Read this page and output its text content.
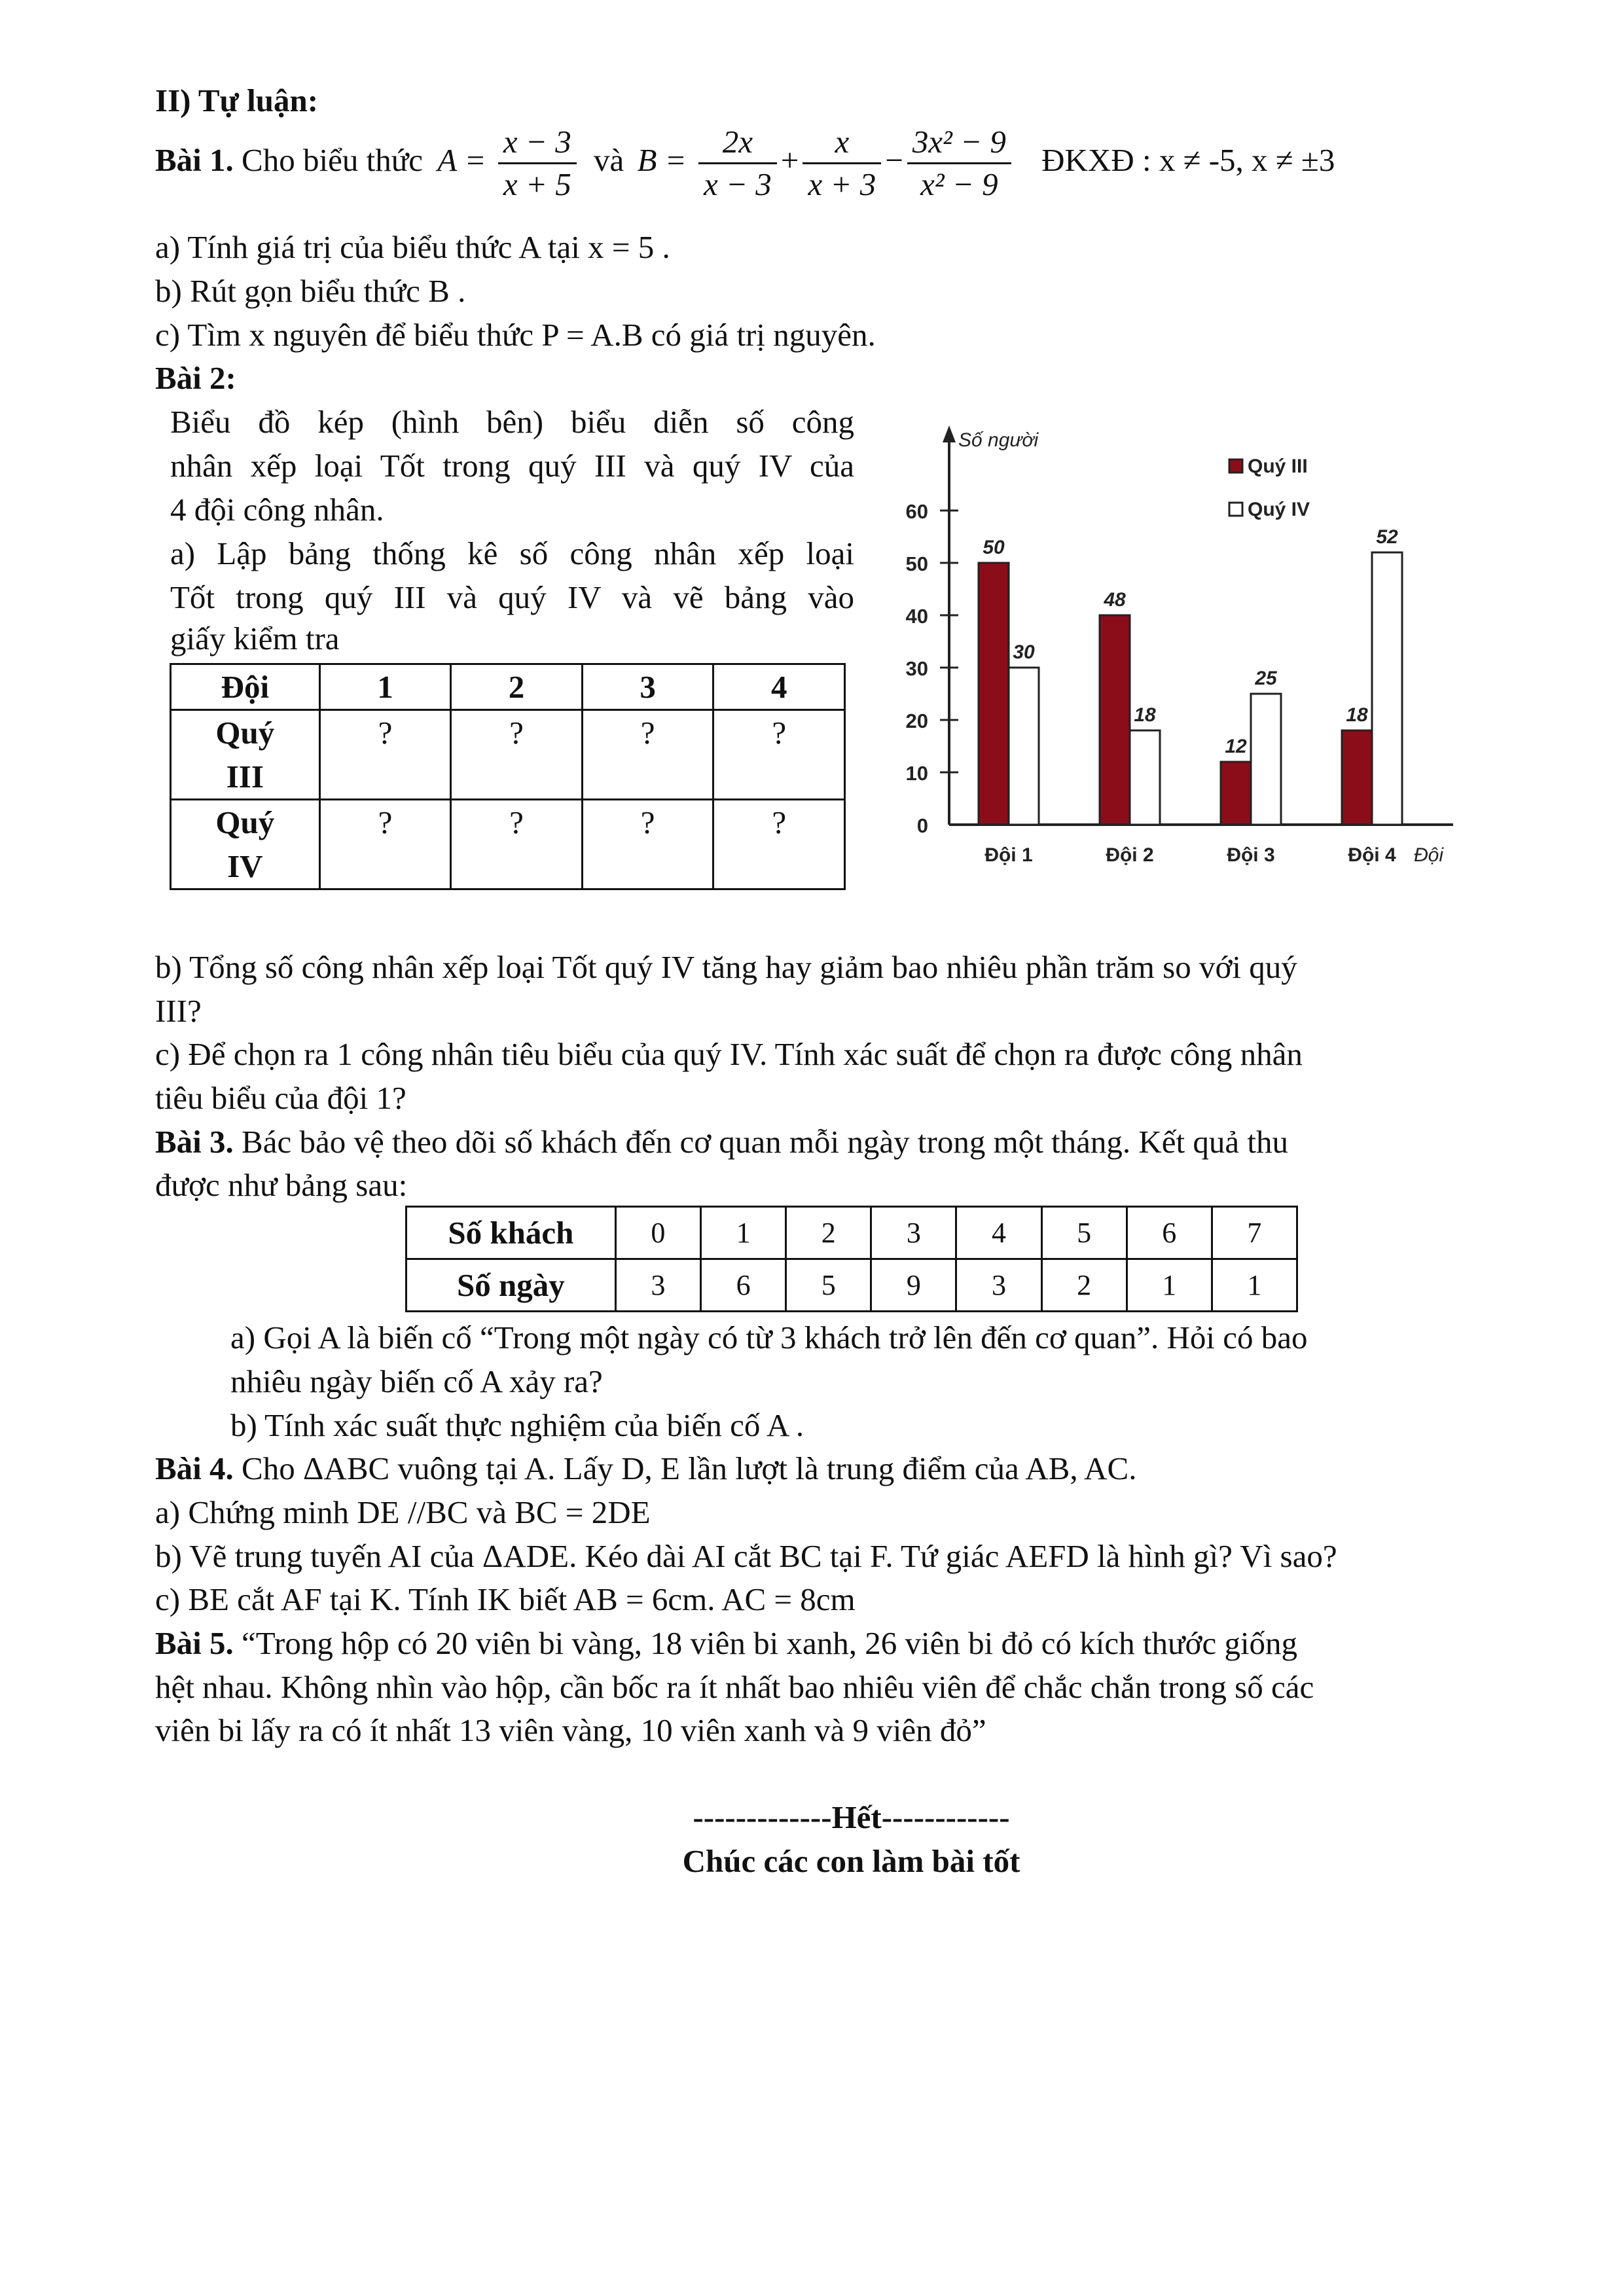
II) Tự luận:
Bài 1. Cho biểu thức $A = \frac{x - 3}{x + 5}$ và $B = \frac{2x}{x - 3} + \frac{x}{x + 3} - \frac{\text{3x² − 9}}{\text{x² − 9}}$ ĐKXĐ : x ≠ -5, x ≠ ±3
a) Tính giá trị của biểu thức A tại x = 5 .
b) Rút gọn biểu thức B .
c) Tìm x nguyên để biểu thức P = A.B có giá trị nguyên.
Bài 2:
Biểu đồ kép (hình bên) biểu diễn số công
nhân xếp loại Tốt trong quý III và quý IV của
4 đội công nhân.
a) Lập bảng thống kê số công nhân xếp loại
Tốt trong quý III và quý IV và vẽ bảng vào
giấy kiểm tra
Đội	1	2	3	4

Quý
III	?	?	?	?

Quý
IV	?	?	?	?
Số người
0
10
20
30
40
50
60
50
30
Đội 1
48
18
Đội 2
12
25
Đội 3
18
52
Đội 4 Đội
Quý III
Quý IV
b) Tổng số công nhân xếp loại Tốt quý IV tăng hay giảm bao nhiêu phần trăm so với quý
III?
c) Để chọn ra 1 công nhân tiêu biểu của quý IV. Tính xác suất để chọn ra được công nhân
tiêu biểu của đội 1?
Bài 3. Bác bảo vệ theo dõi số khách đến cơ quan mỗi ngày trong một tháng. Kết quả thu
được như bảng sau:
Số khách	0	1	2	3	4	5	6	7
Số ngày	3	6	5	9	3	2	1	1
a) Gọi A là biến cố “Trong một ngày có từ 3 khách trở lên đến cơ quan”. Hỏi có bao
nhiêu ngày biến cố A xảy ra?
b) Tính xác suất thực nghiệm của biến cố A .
Bài 4. Cho ΔABC vuông tại A. Lấy D, E lần lượt là trung điểm của AB, AC.
a) Chứng minh DE //BC và BC = 2DE
b) Vẽ trung tuyến AI của ΔADE. Kéo dài AI cắt BC tại F. Tứ giác AEFD là hình gì? Vì sao?
c) BE cắt AF tại K. Tính IK biết AB = 6cm. AC = 8cm
Bài 5. “Trong hộp có 20 viên bi vàng, 18 viên bi xanh, 26 viên bi đỏ có kích thước giống
hệt nhau. Không nhìn vào hộp, cần bốc ra ít nhất bao nhiêu viên để chắc chắn trong số các
viên bi lấy ra có ít nhất 13 viên vàng, 10 viên xanh và 9 viên đỏ”
-------------Hết------------
Chúc các con làm bài tốt
